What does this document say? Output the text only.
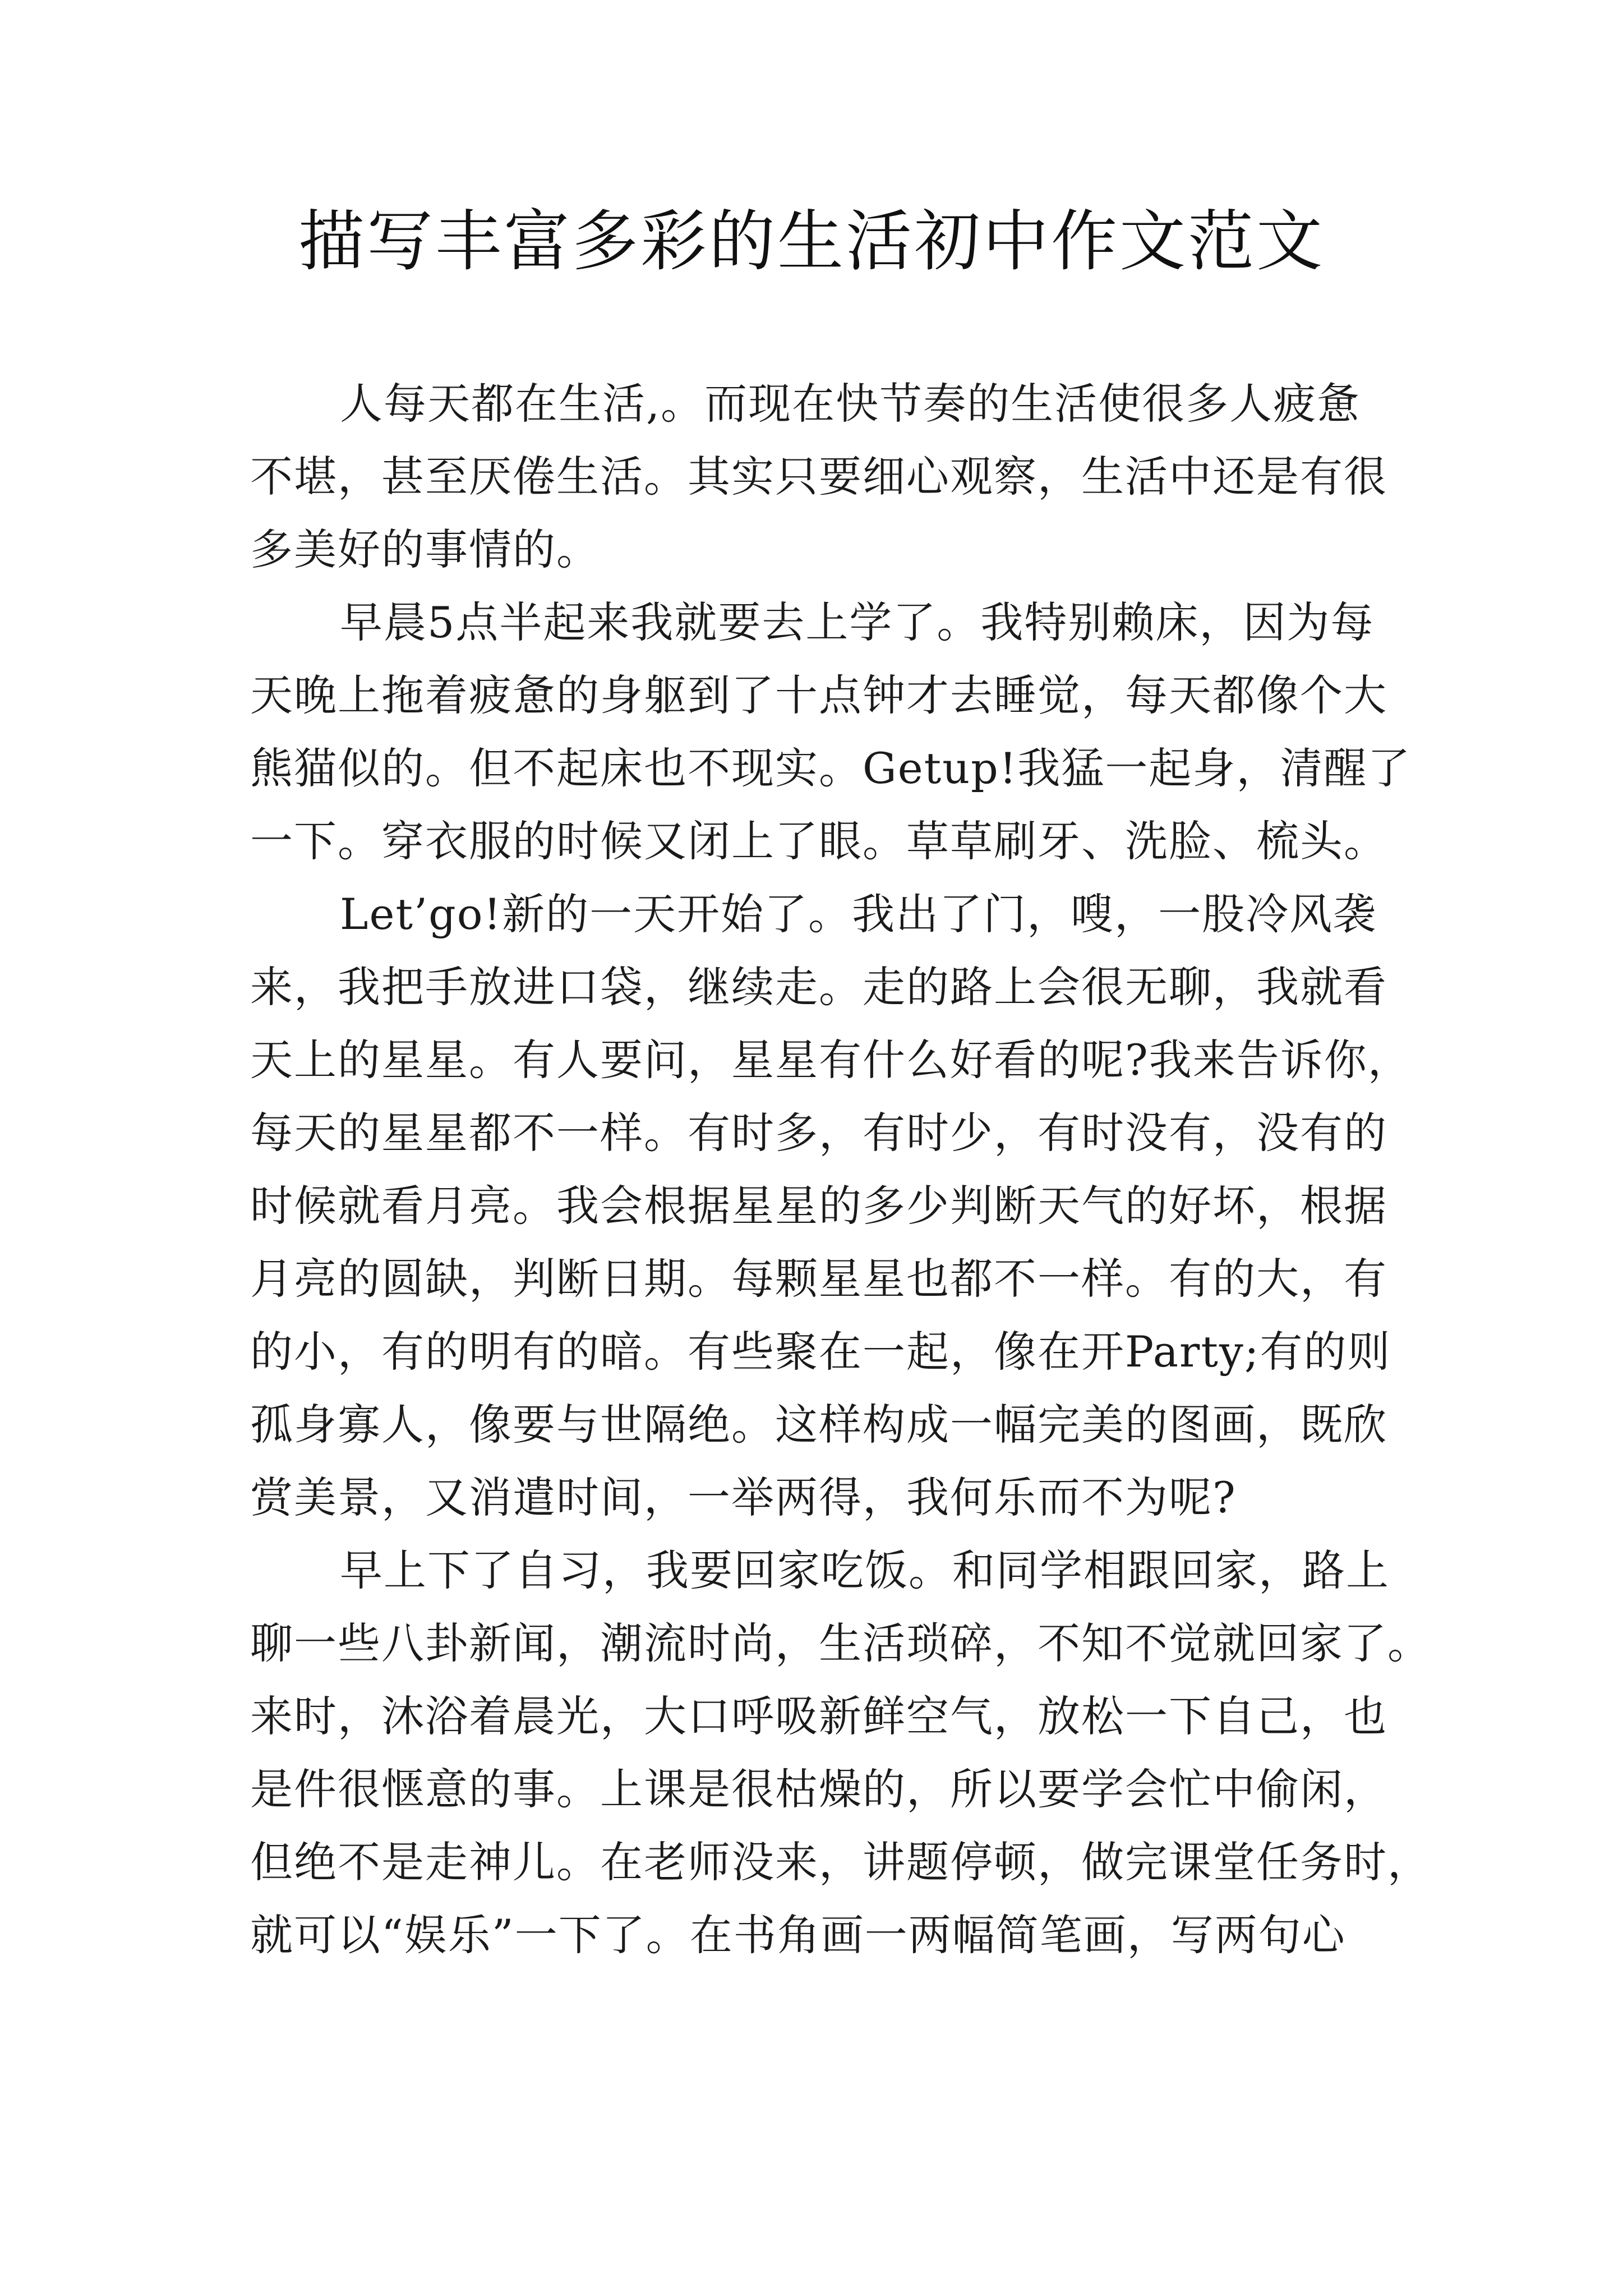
描写丰富多彩的生活初中作文范文
人每天都在生活,。而现在快节奏的生活使很多人疲惫
不堪，甚至厌倦生活。其实只要细心观察，生活中还是有很
多美好的事情的。
早晨5点半起来我就要去上学了。我特别赖床，因为每
天晚上拖着疲惫的身躯到了十点钟才去睡觉，每天都像个大
熊猫似的。但不起床也不现实。Getup!我猛一起身，清醒了
一下。穿衣服的时候又闭上了眼。草草刷牙、洗脸、梳头。
Let’go!新的一天开始了。我出了门，嗖，一股冷风袭
来，我把手放进口袋，继续走。走的路上会很无聊，我就看
天上的星星。有人要问，星星有什么好看的呢?我来告诉你，
每天的星星都不一样。有时多，有时少，有时没有，没有的
时候就看月亮。我会根据星星的多少判断天气的好坏，根据
月亮的圆缺，判断日期。每颗星星也都不一样。有的大，有
的小，有的明有的暗。有些聚在一起，像在开Party;有的则
孤身寡人，像要与世隔绝。这样构成一幅完美的图画，既欣
赏美景，又消遣时间，一举两得，我何乐而不为呢?
早上下了自习，我要回家吃饭。和同学相跟回家，路上
聊一些八卦新闻，潮流时尚，生活琐碎，不知不觉就回家了。
来时，沐浴着晨光，大口呼吸新鲜空气，放松一下自己，也
是件很惬意的事。上课是很枯燥的，所以要学会忙中偷闲，
但绝不是走神儿。在老师没来，讲题停顿，做完课堂任务时，
就可以“娱乐”一下了。在书角画一两幅简笔画，写两句心
